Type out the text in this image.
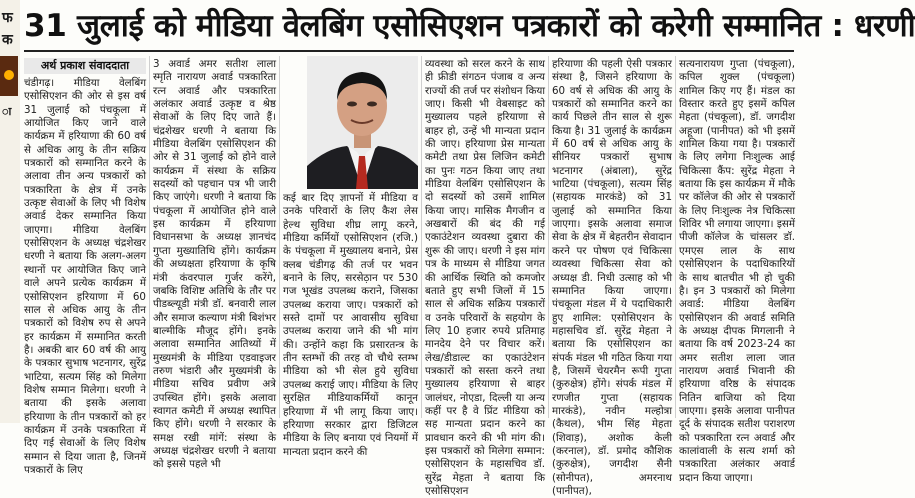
फ
क
ा
31 जुलाई को मीडिया वेलबिंग एसोसिएशन पत्रकारों को करेगी सम्मानित : धरणी
अर्थ प्रकाश संवाददाता

चंडीगढ़। मीडिया वेलबिंग एसोसिएशन की ओर से इस वर्ष 31 जुलाई को पंचकूला में आयोजित किए जाने वाले कार्यक्रम में हरियाणा की 60 वर्ष से अधिक आयु के तीन सक्रिय पत्रकारों को सम्मानित करने के अलावा तीन अन्य पत्रकारों को पत्रकारिता के क्षेत्र में उनके उत्कृष्ट सेवाओं के लिए भी विशेष अवार्ड देकर सम्मानित किया जाएगा। मीडिया वेलबिंग एसोसिएशन के अध्यक्ष चंद्रशेखर धरणी ने बताया कि अलग-अलग स्थानों पर आयोजित किए जाने वाले अपने प्रत्येक कार्यक्रम में एसोसिएशन हरियाणा में 60 साल से अधिक आयु के तीन पत्रकारों को विशेष रुप से अपने हर कार्यक्रम में सम्मानित करती है। अबकी बार 60 वर्ष की आयु के पत्रकार सुभाष भटनागर, सुरेंद्र भाटिया, सत्यम सिंह को मिलेगा विशेष सम्मान मिलेगा। धरणी ने बताया की इसके अलावा हरियाणा के तीन पत्रकारों को हर कार्यक्रम में उनके पत्रकारिता में दिए गई सेवाओं के लिए विशेष सम्मान से दिया जाता है, जिनमें पत्रकारों के लिए

3 अवार्ड अमर सतीश लाला स्मृति नारायण अवार्ड पत्रकारिता रत्न अवार्ड और पत्रकारिता अलंकार अवार्ड उत्कृष्ट व श्रेष्ठ सेवाओं के लिए दिए जाते हैं। चंद्रशेखर धरणी ने बताया कि मीडिया वेलबिंग एसोसिएशन की ओर से 31 जुलाई को होने वाले कार्यक्रम में संस्था के सक्रिय सदस्यों को पहचान पत्र भी जारी किए जाएंगे। धरणी ने बताया कि पंचकूला में आयोजित होने वाले इस कार्यक्रम में हरियाणा विधानसभा के अध्यक्ष ज्ञानचंद गुप्ता मुख्यातिथि होंगे। कार्यक्रम की अध्यक्षता हरियाणा के कृषि मंत्री कंवरपाल गुर्जर करेंगे, जबकि विशिष्ट अतिथि के तौर पर पीडब्ल्यूडी मंत्री डॉ. बनवारी लाल और समाज कल्याण मंत्री बिशंभर बाल्मीकि मौजूद होंगे। इनके अलावा सम्मानित आतिथ्यों में मुख्यमंत्री के मीडिया एडवाइजर तरुण भंडारी और मुख्यमंत्री के मीडिया सचिव प्रवीण अत्रे उपस्थित होंगे। इसके अलावा स्वागत कमेटी में अध्यक्ष स्थापित किए होंगे। धरणी ने सरकार के समक्ष रखी मांगें: संस्था के अध्यक्ष चंद्रशेखर धरणी ने बताया को इससे पहले भी

कई बार दिए ज्ञापनों में मीडिया व उनके परिवारों के लिए कैश लेस हेल्थ सुविधा शीघ्र लागू करने, मीडिया कर्मियों एसोसिएशन (रजि.) के पंचकूला में मुख्यालय बनाने, प्रेस क्लब चंडीगढ़ की तर्ज पर भवन बनाने के लिए, सरसेठ़ान पर 530 गज भूखंड उपलब्ध कराने, जिसका उपलब्ध कराया जाए। पत्रकारों को सस्ते दामों पर आवासीय सुविधा उपलब्ध कराया जाने की भी मांग की। उन्होंने कहा कि प्रसारतन्त्र के तीन स्तम्भों की तरह वो चौथे स्तम्भ मीडिया को भी सेल हुये सुविधा उपलब्ध कराई जाए। मीडिया के लिए सुरक्षित मीडियाकर्मियों कानून हरियाणा में भी लागू किया जाए। हरियाणा सरकार द्वारा डिजिटल मीडिया के लिए बनाया एवं नियमों में मान्यता प्रदान करने की

व्यवस्था को सरल करने के साथ ही फ्रीडी संगठन पंजाब व अन्य राज्यों की तर्ज पर संशोधन किया जाए। किसी भी वेबसाइट को मुख्यालय पहले हरियाणा से बाहर हो, उन्हें भी मान्यता प्रदान की जाए। हरियाणा प्रेस मान्यता कमेटी तथा प्रेस लिजिन कमेटी का पुनः गठन किया जाए तथा मीडिया वेलबिंग एसोसिएशन के दो सदस्यों को उसमें शामिल किया जाए। मासिक मैगजीन व अखबारों की बंद की गई एकाउंटेशन व्यवस्था दुबारा की शुरू की जाए। धरणी ने इस मांग पत्र के माध्यम से मीडिया जगत की आर्थिक स्थिति को कमजोर बताते हुए सभी जिलों में 15 साल से अधिक सक्रिय पत्रकारों व उनके परिवारों के सहयोग के लिए 10 हजार रुपये प्रतिमाह मानदेय देने पर विचार करें। लेख/डीडाल्ट का एकाउंटेशन पत्रकारों को सस्ता करने तथा मुख्यालय हरियाणा से बाहर जालंधर, नोएडा, दिल्ली या अन्य कहीं पर है वे प्रिंट मीडिया को सह मान्यता प्रदान करने का प्रावधान करने की भी मांग की। इस पत्रकारों को मिलेगा सम्मान: एसोसिएशन के महासचिव डॉ. सुरेंद्र मेहता ने बताया कि एसोसिएशन

हरियाणा की पहली ऐसी पत्रकार संस्था है, जिसने हरियाणा के 60 वर्ष से अधिक की आयु के पत्रकारों को सम्मानित करने का कार्य पिछले तीन साल से शुरू किया है। 31 जुलाई के कार्यक्रम में 60 वर्ष से अधिक आयु के सीनियर पत्रकारों सुभाष भटनागर (अंबाला), सुरेंद्र भाटिया (पंचकूला), सत्यम सिंह (सहायक मारकंडे) को 31 जुलाई को सम्मानित किया जाएगा। इसके अलावा समाज सेवा के क्षेत्र में बेहतरीन सेवादान करने पर पोषण एवं चिकित्सा व्यवस्था चिकित्सा सेवा को अध्यक्ष डी. निधी उत्साह को भी सम्मानित किया जाएगा। पंचकूला मंडल में ये पदाधिकारी हुए शामिल: एसोसिएशन के महासचिव डॉ. सुरेंद्र मेहता ने बताया कि एसोसिएशन का संपर्क मंडल भी गठित किया गया है, जिसमें चेयरमैन रूपी गुप्ता (कुरुक्षेत्र) होंगे। संपर्क मंडल में रणजीत गुप्ता (सहायक मारकंडे), नवीन मल्होत्रा (कैथल), भीम सिंह मेहता (शिवाड़), अशोक केली (करनाल), डॉ. प्रमोद कौशिक (कुरुक्षेत्र), जगदीश सैनी (सोनीपत), अमरनाथ (पानीपत),

सत्यनारायण गुप्ता (पंचकूला), कपिल शुक्ल (पंचकूला) शामिल किए गए हैं। मंडल का विस्तार करते हुए इसमें कपिल मेहता (पंचकूला), डॉ. जगदीश अहूजा (पानीपत) को भी इसमें शामिल किया गया है। पत्रकारों के लिए लगेगा निःशुल्क आई चिकित्सा कैंप: सुरेंद्र मेहता ने बताया कि इस कार्यक्रम में मौके पर कॉलेज की ओर से पत्रकारों के लिए निःशुल्क नेत्र चिकित्सा शिविर भी लगाया जाएगा। इसमें पीजी कॉलेज के चांसलर डॉ. एमएस लाल के साथ एसोसिएशन के पदाधिकारियों के साथ बातचीत भी हो चुकी है। इन 3 पत्रकारों को मिलेगा अवार्ड: मीडिया वेलबिंग एसोसिएशन की अवार्ड समिति के अध्यक्ष दीपक मिगलानी ने बताया कि वर्ष 2023-24 का अमर सतीश लाला जात नारायण अवार्ड भिवानी की हरियाणा वरिष्ठ के संपादक नितिन बाजिया को दिया जाएगा। इसके अलावा पानीपत दूर्द के संपादक सतीश पराशरण को पत्रकारिता रत्न अवार्ड और कालांवाली के सत्य शर्मा को पत्रकारिता अलंकार अवार्ड प्रदान किया जाएगा।
